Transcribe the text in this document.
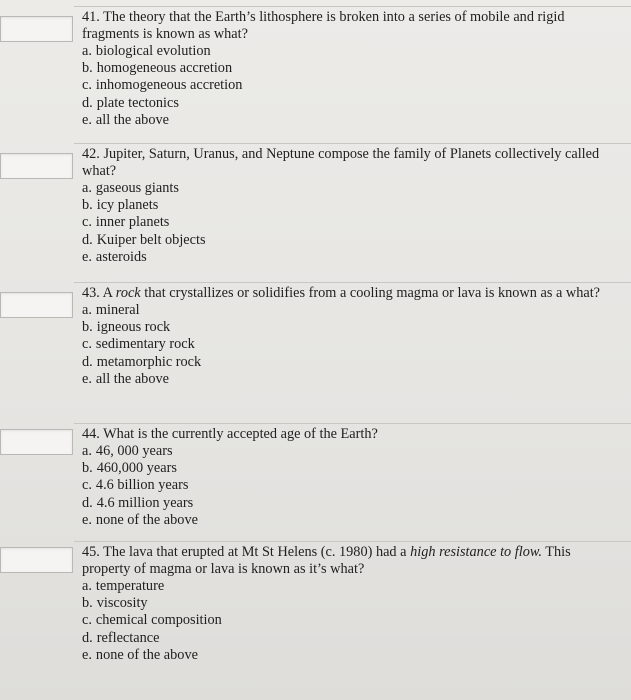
41. The theory that the Earth’s lithosphere is broken into a series of mobile and rigid fragments is known as what?

a. biological evolution
b. homogeneous accretion
c. inhomogeneous accretion
d. plate tectonics
e. all the above

42. Jupiter, Saturn, Uranus, and Neptune compose the family of Planets collectively called what?

a. gaseous giants
b. icy planets
c. inner planets
d. Kuiper belt objects
e. asteroids

43. A rock that crystallizes or solidifies from a cooling magma or lava is known as a what?

a. mineral
b. igneous rock
c. sedimentary rock
d. metamorphic rock
e. all the above

44. What is the currently accepted age of the Earth?

a. 46, 000 years
b. 460,000 years
c. 4.6 billion years
d. 4.6 million years
e. none of the above

45. The lava that erupted at Mt St Helens (c. 1980) had a high resistance to flow. This property of magma or lava is known as it’s what?

a. temperature
b. viscosity
c. chemical composition
d. reflectance
e. none of the above
